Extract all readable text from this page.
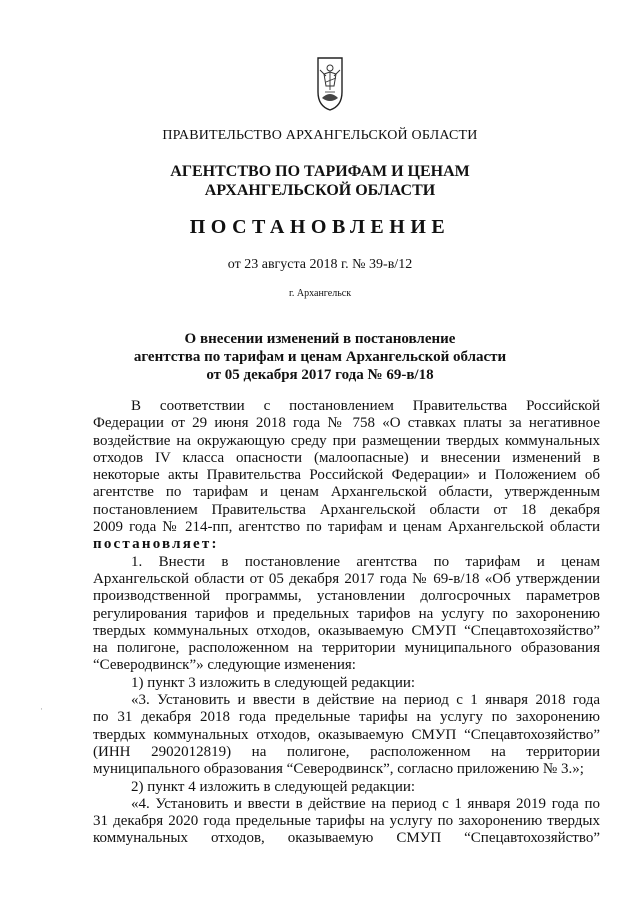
ПРАВИТЕЛЬСТВО АРХАНГЕЛЬСКОЙ ОБЛАСТИ
АГЕНТСТВО ПО ТАРИФАМ И ЦЕНАМ
АРХАНГЕЛЬСКОЙ ОБЛАСТИ
ПОСТАНОВЛЕНИЕ
от 23 августа 2018 г. № 39-в/12
г. Архангельск
О внесении изменений в постановление
агентства по тарифам и ценам Архангельской области
от 05 декабря 2017 года № 69-в/18
·
В соответствии с постановлением Правительства Российской
Федерации от 29 июня 2018 года № 758 «О ставках платы за негативное
воздействие на окружающую среду при размещении твердых коммунальных
отходов IV класса опасности (малоопасные) и внесении изменений в
некоторые акты Правительства Российской Федерации» и Положением об
агентстве по тарифам и ценам Архангельской области, утвержденным
постановлением Правительства Архангельской области от 18 декабря
2009 года № 214-пп, агентство по тарифам и ценам Архангельской области
постановляет:
1. Внести в постановление агентства по тарифам и ценам
Архангельской области от 05 декабря 2017 года № 69-в/18 «Об утверждении
производственной программы, установлении долгосрочных параметров
регулирования тарифов и предельных тарифов на услугу по захоронению
твердых коммунальных отходов, оказываемую СМУП “Спецавтохозяйство”
на полигоне, расположенном на территории муниципального образования
“Северодвинск”» следующие изменения:
1) пункт 3 изложить в следующей редакции:
«3. Установить и ввести в действие на период с 1 января 2018 года
по 31 декабря 2018 года предельные тарифы на услугу по захоронению
твердых коммунальных отходов, оказываемую СМУП “Спецавтохозяйство”
(ИНН 2902012819) на полигоне, расположенном на территории
муниципального образования “Северодвинск”, согласно приложению № 3.»;
2) пункт 4 изложить в следующей редакции:
«4. Установить и ввести в действие на период с 1 января 2019 года по
31 декабря 2020 года предельные тарифы на услугу по захоронению твердых
коммунальных отходов, оказываемую СМУП “Спецавтохозяйство”
